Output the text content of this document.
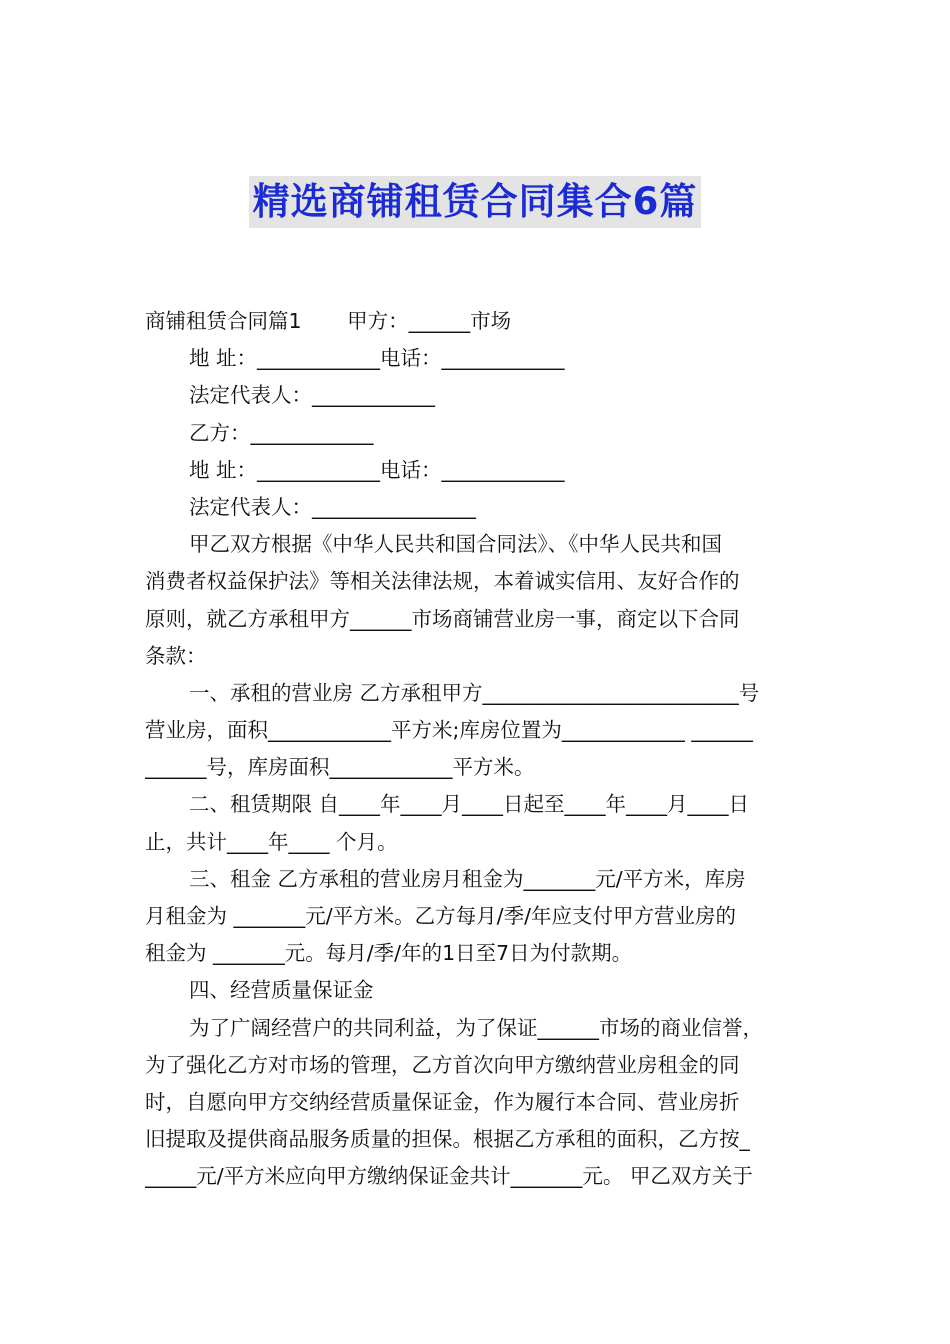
精选商铺租赁合同集合6篇
商铺租赁合同篇1       甲方：______市场
地 址：____________电话：____________
法定代表人：____________
乙方：____________
地 址：____________电话：____________
法定代表人：________________
甲乙双方根据《中华人民共和国合同法》、《中华人民共和国
消费者权益保护法》等相关法律法规，本着诚实信用、友好合作的
原则，就乙方承租甲方______市场商铺营业房一事，商定以下合同
条款：
一、承租的营业房 乙方承租甲方_________________________号
营业房，面积____________平方米;库房位置为____________ ______
______号，库房面积____________平方米。
二、租赁期限 自____年____月____日起至____年____月____日
止，共计____年____ 个月。
三、租金 乙方承租的营业房月租金为_______元/平方米，库房
月租金为 _______元/平方米。乙方每月/季/年应支付甲方营业房的
租金为 _______元。每月/季/年的1日至7日为付款期。
四、经营质量保证金
为了广阔经营户的共同利益，为了保证______市场的商业信誉，
为了强化乙方对市场的管理，乙方首次向甲方缴纳营业房租金的同
时，自愿向甲方交纳经营质量保证金，作为履行本合同、营业房折
旧提取及提供商品服务质量的担保。根据乙方承租的面积，乙方按_
_____元/平方米应向甲方缴纳保证金共计_______元。 甲乙双方关于
